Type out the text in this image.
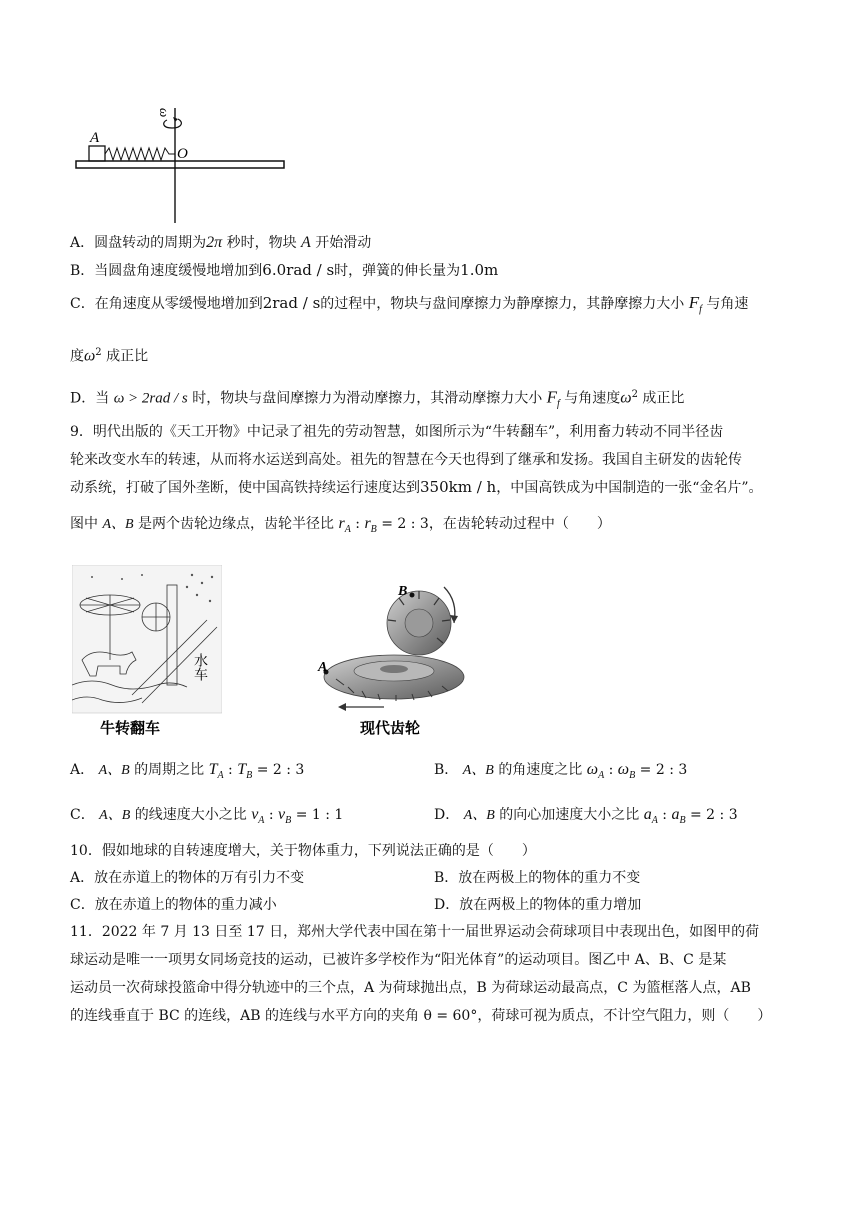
A
O
ω
A．圆盘转动的周期为2π 秒时，物块 A 开始滑动
B．当圆盘角速度缓慢地增加到6.0rad / s时，弹簧的伸长量为1.0m
C．在角速度从零缓慢地增加到2rad / s的过程中，物块与盘间摩擦力为静摩擦力，其静摩擦力大小 $F_f$ 与角速
度$\omega^2$ 成正比
D．当 ω > 2rad / s 时，物块与盘间摩擦力为滑动摩擦力，其滑动摩擦力大小 $F_f$ 与角速度$\omega^2$ 成正比
9．明代出版的《天工开物》中记录了祖先的劳动智慧，如图所示为“牛转翻车”，利用畜力转动不同半径齿
轮来改变水车的转速，从而将水运送到高处。祖先的智慧在今天也得到了继承和发扬。我国自主研发的齿轮传
动系统，打破了国外垄断，使中国高铁持续运行速度达到350km / h，中国高铁成为中国制造的一张“金名片”。
图中 A、B 是两个齿轮边缘点，齿轮半径比 $r_A$ : $r_B = 2$ : 3，在齿轮转动过程中（　　）
水车
牛转翻车
A
B
现代齿轮
A． A、B 的周期之比 $T_A$ : $T_B = 2$ : 3	B． A、B 的角速度之比 $\omega_A$ : $\omega_B = 2$ : 3
C． A、B 的线速度大小之比 $v_A$ : $v_B = 1$ : 1	D． A、B 的向心加速度大小之比 $a_A$ : $a_B = 2$ : 3
10．假如地球的自转速度增大，关于物体重力，下列说法正确的是（　　）
A．放在赤道上的物体的万有引力不变	B．放在两极上的物体的重力不变
C．放在赤道上的物体的重力减小	D．放在两极上的物体的重力增加
11．2022 年 7 月 13 日至 17 日，郑州大学代表中国在第十一届世界运动会荷球项目中表现出色，如图甲的荷
球运动是唯一一项男女同场竞技的运动，已被许多学校作为“阳光体育”的运动项目。图乙中 A、B、C 是某
运动员一次荷球投篮命中得分轨迹中的三个点，A 为荷球抛出点，B 为荷球运动最高点，C 为篮框落人点，AB
的连线垂直于 BC 的连线，AB 的连线与水平方向的夹角 θ = 60°，荷球可视为质点，不计空气阻力，则（　　）
